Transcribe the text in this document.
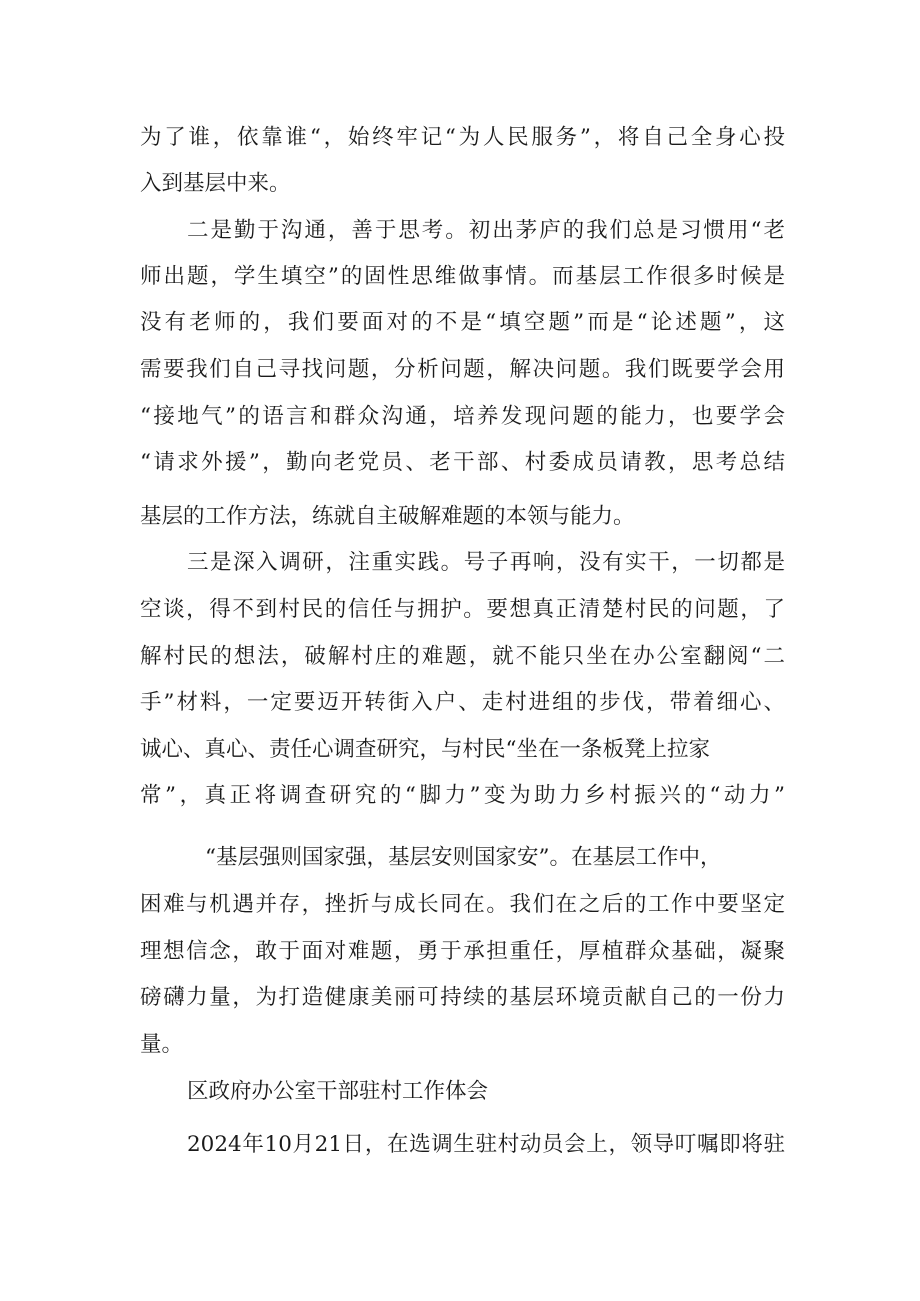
为了谁，依靠谁“，始终牢记“为人民服务”，将自己全身心投
入到基层中来。
二是勤于沟通，善于思考。初出茅庐的我们总是习惯用“老
师出题，学生填空”的固性思维做事情。而基层工作很多时候是
没有老师的，我们要面对的不是“填空题”而是“论述题”，这
需要我们自己寻找问题，分析问题，解决问题。我们既要学会用
“接地气”的语言和群众沟通，培养发现问题的能力，也要学会
“请求外援”，勤向老党员、老干部、村委成员请教，思考总结
基层的工作方法，练就自主破解难题的本领与能力。
三是深入调研，注重实践。号子再响，没有实干，一切都是
空谈，得不到村民的信任与拥护。要想真正清楚村民的问题，了
解村民的想法，破解村庄的难题，就不能只坐在办公室翻阅“二
手”材料，一定要迈开转街入户、走村进组的步伐，带着细心、
诚心、真心、责任心调查研究，与村民“坐在一条板凳上拉家
常”，真正将调查研究的“脚力”变为助力乡村振兴的“动力”
“基层强则国家强，基层安则国家安”。在基层工作中，
困难与机遇并存，挫折与成长同在。我们在之后的工作中要坚定
理想信念，敢于面对难题，勇于承担重任，厚植群众基础，凝聚
磅礴力量，为打造健康美丽可持续的基层环境贡献自己的一份力
量。
区政府办公室干部驻村工作体会
2024年10月21日，在选调生驻村动员会上，领导叮嘱即将驻
